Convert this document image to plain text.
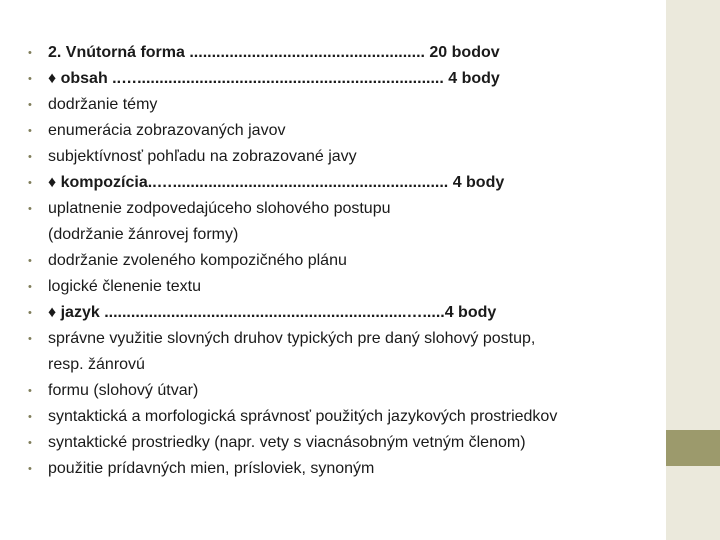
•	2. Vnútorná forma ..................................................... 20 bodov
•	♦ obsah ..…..................................................................... 4 body
•	dodržanie témy
•	enumerácia zobrazovaných javov
•	subjektívnosť pohľadu na zobrazované javy
•	♦ kompozícia..….............................................................. 4 body
•	uplatnenie zodpovedajúceho slohového postupu
(dodržanie žánrovej formy)
•	dodržanie zvoleného kompozičného plánu
•	logické členenie textu
•	♦ jazyk ....................................................................….....4 body
•	správne využitie slovných druhov typických pre daný slohový postup,
resp. žánrovú
•	formu (slohový útvar)
•	syntaktická a morfologická správnosť použitých jazykových prostriedkov
•	syntaktické prostriedky (napr. vety s viacnásobným vetným členom)
•	použitie prídavných mien, prísloviek, synoným
